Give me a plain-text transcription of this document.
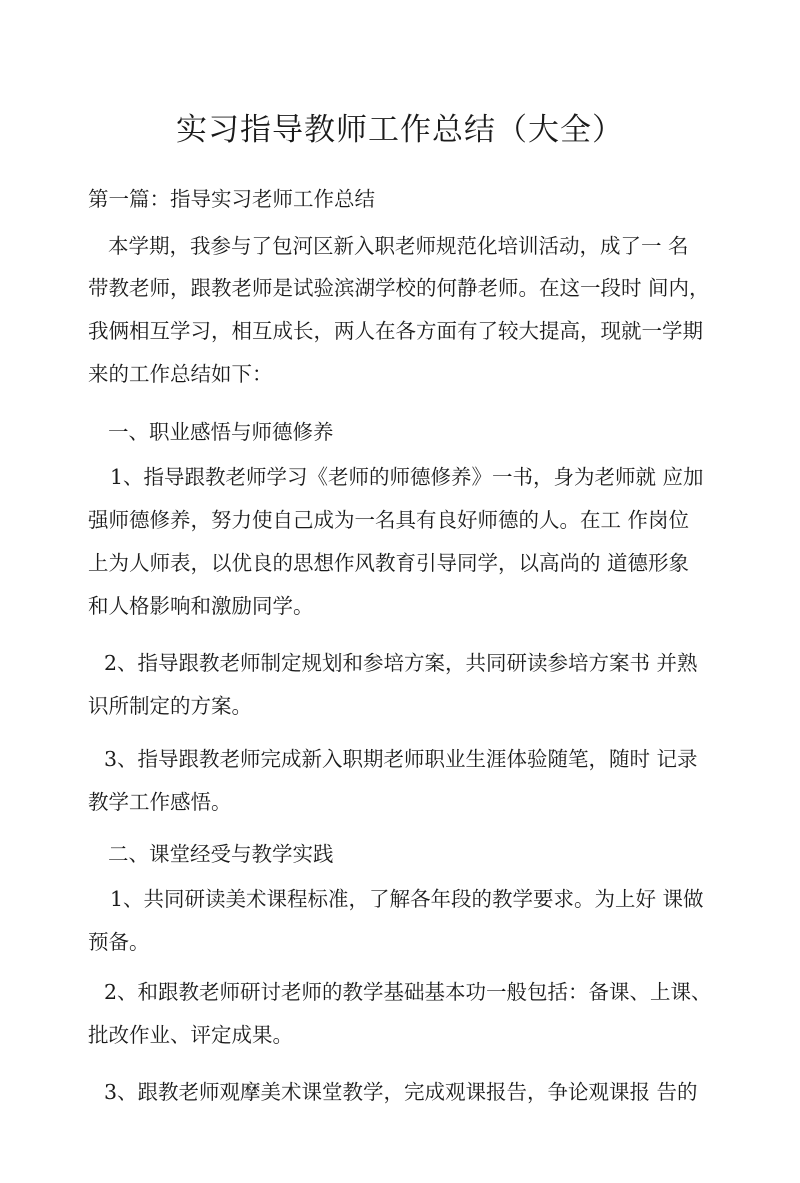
实习指导教师工作总结（大全）

第一篇：指导实习老师工作总结

本学期，我参与了包河区新入职老师规范化培训活动，成了一 名

带教老师，跟教老师是试验滨湖学校的何静老师。在这一段时 间内，

我俩相互学习，相互成长，两人在各方面有了较大提高，现就一学期

来的工作总结如下：

一、职业感悟与师德修养

1、指导跟教老师学习《老师的师德修养》一书，身为老师就 应加

强师德修养，努力使自己成为一名具有良好师德的人。在工 作岗位

上为人师表，以优良的思想作风教育引导同学，以高尚的 道德形象

和人格影响和激励同学。

2、指导跟教老师制定规划和参培方案，共同研读参培方案书 并熟

识所制定的方案。

3、指导跟教老师完成新入职期老师职业生涯体验随笔，随时 记录

教学工作感悟。

二、课堂经受与教学实践

1、共同研读美术课程标准，了解各年段的教学要求。为上好 课做

预备。

2、和跟教老师研讨老师的教学基础基本功一般包括：备课、上课、

批改作业、评定成果。

3、跟教老师观摩美术课堂教学，完成观课报告，争论观课报 告的
